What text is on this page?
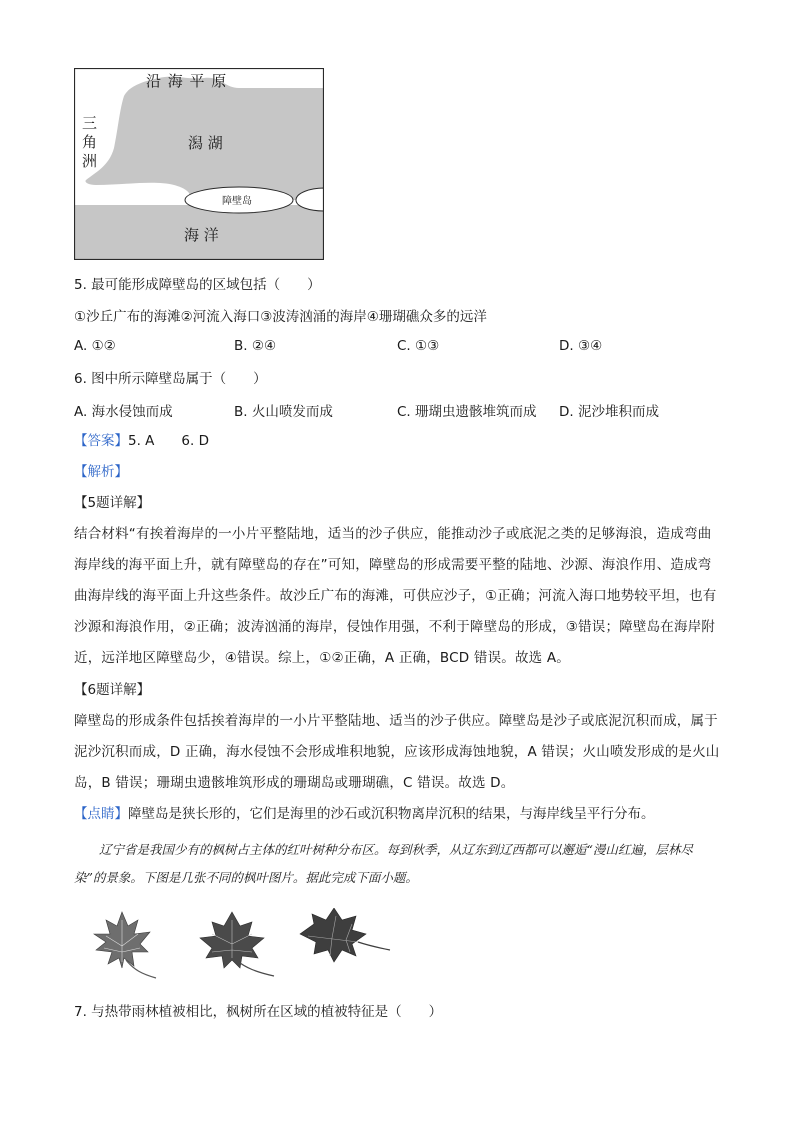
沿 海 平 原
三
角
洲
潟 湖
障壁岛
海 洋
5. 最可能形成障壁岛的区域包括（　　）
①沙丘广布的海滩②河流入海口③波涛汹涌的海岸④珊瑚礁众多的远洋
A. ①②	B. ②④	C. ①③	D. ③④
6. 图中所示障壁岛属于（　　）
A. 海水侵蚀而成	B. 火山喷发而成	C. 珊瑚虫遗骸堆筑而成 D. 泥沙堆积而成
【答案】5. A　　6. D
【解析】
【5题详解】
结合材料“有挨着海岸的一小片平整陆地，适当的沙子供应，能推动沙子或底泥之类的足够海浪，造成弯曲海岸线的海平面上升，就有障壁岛的存在”可知，障壁岛的形成需要平整的陆地、沙源、海浪作用、造成弯曲海岸线的海平面上升这些条件。故沙丘广布的海滩，可供应沙子，①正确；河流入海口地势较平坦，也有沙源和海浪作用，②正确；波涛汹涌的海岸，侵蚀作用强，不利于障壁岛的形成，③错误；障壁岛在海岸附近，远洋地区障壁岛少，④错误。综上，①②正确，A 正确，BCD 错误。故选 A。
【6题详解】
障壁岛的形成条件包括挨着海岸的一小片平整陆地、适当的沙子供应。障壁岛是沙子或底泥沉积而成，属于泥沙沉积而成，D 正确，海水侵蚀不会形成堆积地貌，应该形成海蚀地貌，A 错误；火山喷发形成的是火山岛，B 错误；珊瑚虫遗骸堆筑形成的珊瑚岛或珊瑚礁，C 错误。故选 D。
【点睛】障壁岛是狭长形的，它们是海里的沙石或沉积物离岸沉积的结果，与海岸线呈平行分布。
辽宁省是我国少有的枫树占主体的红叶树种分布区。每到秋季，从辽东到辽西都可以邂逅“漫山红遍，层林尽染”的景象。下图是几张不同的枫叶图片。据此完成下面小题。
7. 与热带雨林植被相比，枫树所在区域的植被特征是（　　）
